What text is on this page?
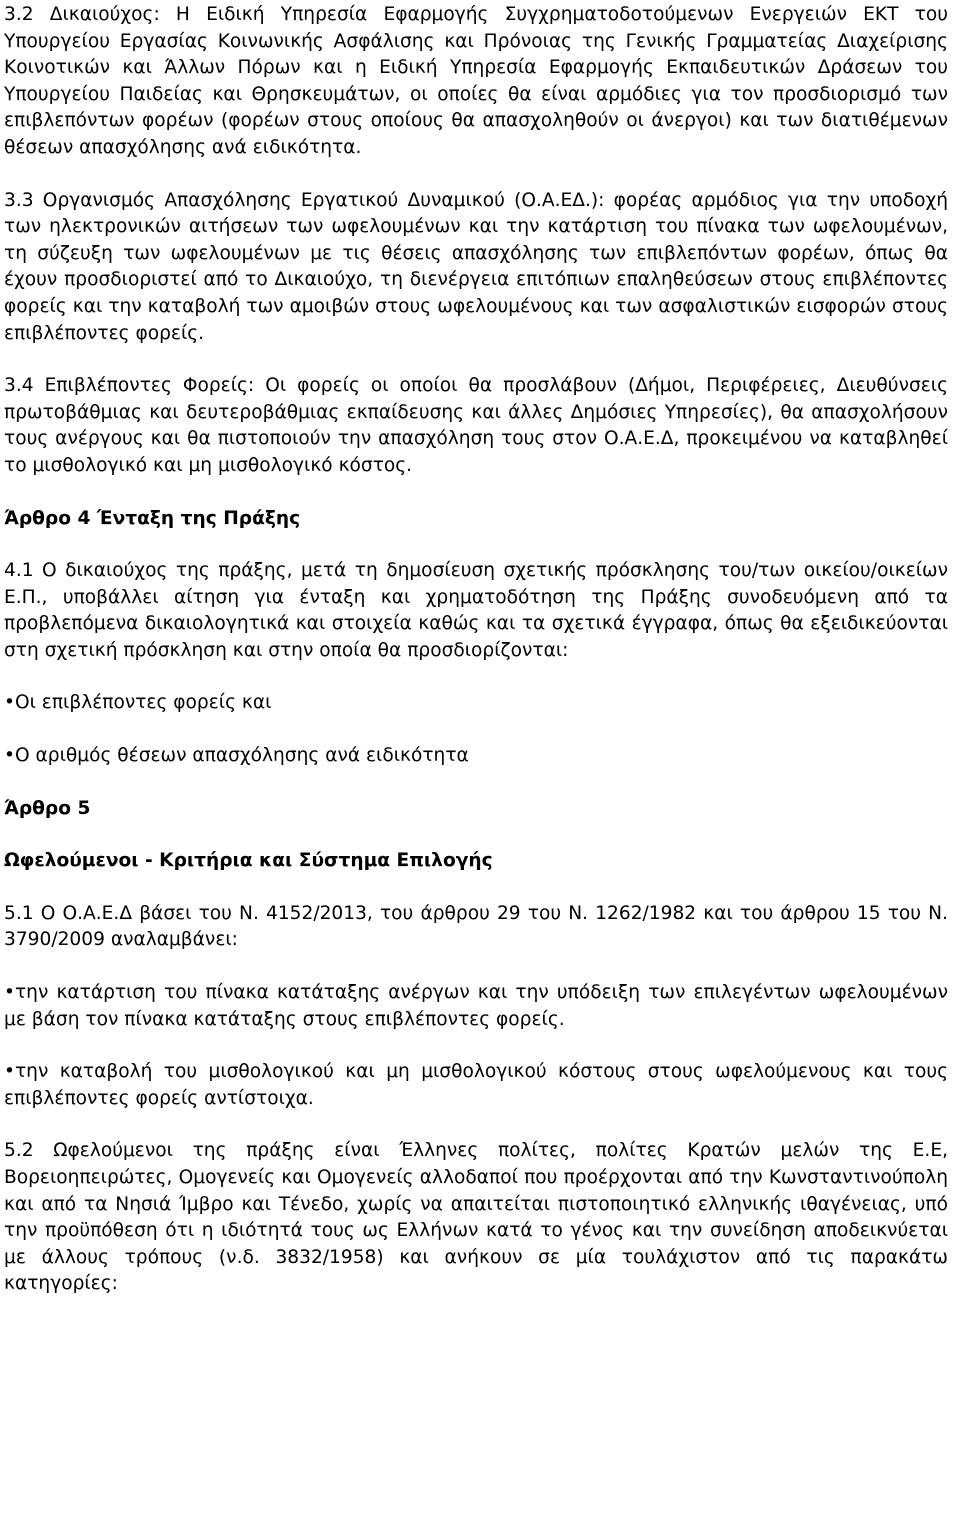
3.2 Δικαιούχος: Η Ειδική Υπηρεσία Εφαρμογής Συγχρηματοδοτούμενων Ενεργειών ΕΚΤ του Υπουργείου Εργασίας Κοινωνικής Ασφάλισης και Πρόνοιας της Γενικής Γραμματείας Διαχείρισης Κοινοτικών και Άλλων Πόρων και η Ειδική Υπηρεσία Εφαρμογής Εκπαιδευτικών Δράσεων του Υπουργείου Παιδείας και Θρησκευμάτων, οι οποίες θα είναι αρμόδιες για τον προσδιορισμό των επιβλεπόντων φορέων (φορέων στους οποίους θα απασχοληθούν οι άνεργοι) και των διατιθέμενων θέσεων απασχόλησης ανά ειδικότητα.

3.3 Οργανισμός Απασχόλησης Εργατικού Δυναμικού (Ο.Α.ΕΔ.): φορέας αρμόδιος για την υποδοχή των ηλεκτρονικών αιτήσεων των ωφελουμένων και την κατάρτιση του πίνακα των ωφελουμένων, τη σύζευξη των ωφελουμένων με τις θέσεις απασχόλησης των επιβλεπόντων φορέων, όπως θα έχουν προσδιοριστεί από το Δικαιούχο, τη διενέργεια επιτόπιων επαληθεύσεων στους επιβλέποντες φορείς και την καταβολή των αμοιβών στους ωφελουμένους και των ασφαλιστικών εισφορών στους επιβλέποντες φορείς.

3.4 Επιβλέποντες Φορείς: Οι φορείς οι οποίοι θα προσλάβουν (Δήμοι, Περιφέρειες, Διευθύνσεις πρωτοβάθμιας και δευτεροβάθμιας εκπαίδευσης και άλλες Δημόσιες Υπηρεσίες), θα απασχολήσουν τους ανέργους και θα πιστοποιούν την απασχόληση τους στον Ο.Α.Ε.Δ, προκειμένου να καταβληθεί το μισθολογικό και μη μισθολογικό κόστος.

Άρθρο 4 Ένταξη της Πράξης

4.1 Ο δικαιούχος της πράξης, μετά τη δημοσίευση σχετικής πρόσκλησης του/των οικείου/οικείων Ε.Π., υποβάλλει αίτηση για ένταξη και χρηματοδότηση της Πράξης συνοδευόμενη από τα προβλεπόμενα δικαιολογητικά και στοιχεία καθώς και τα σχετικά έγγραφα, όπως θα εξειδικεύονται στη σχετική πρόσκληση και στην οποία θα προσδιορίζονται:

• Οι επιβλέποντες φορείς και

• Ο αριθμός θέσεων απασχόλησης ανά ειδικότητα

Άρθρο 5

Ωφελούμενοι - Κριτήρια και Σύστημα Επιλογής

5.1 Ο Ο.Α.Ε.Δ βάσει του Ν. 4152/2013, του άρθρου 29 του Ν. 1262/1982 και του άρθρου 15 του Ν. 3790/2009 αναλαμβάνει:

• την κατάρτιση του πίνακα κατάταξης ανέργων και την υπόδειξη των επιλεγέντων ωφελουμένων με βάση τον πίνακα κατάταξης στους επιβλέποντες φορείς.

• την καταβολή του μισθολογικού και μη μισθολογικού κόστους στους ωφελούμενους και τους επιβλέποντες φορείς αντίστοιχα.

5.2 Ωφελούμενοι της πράξης είναι Έλληνες πολίτες, πολίτες Κρατών μελών της Ε.Ε, Βορειοηπειρώτες, Ομογενείς και Ομογενείς αλλοδαποί που προέρχονται από την Κωνσταντινούπολη και από τα Νησιά Ίμβρο και Τένεδο, χωρίς να απαιτείται πιστοποιητικό ελληνικής ιθαγένειας, υπό την προϋπόθεση ότι η ιδιότητά τους ως Ελλήνων κατά το γένος και την συνείδηση αποδεικνύεται με άλλους τρόπους (ν.δ. 3832/1958) και ανήκουν σε μία τουλάχιστον από τις παρακάτω κατηγορίες:
